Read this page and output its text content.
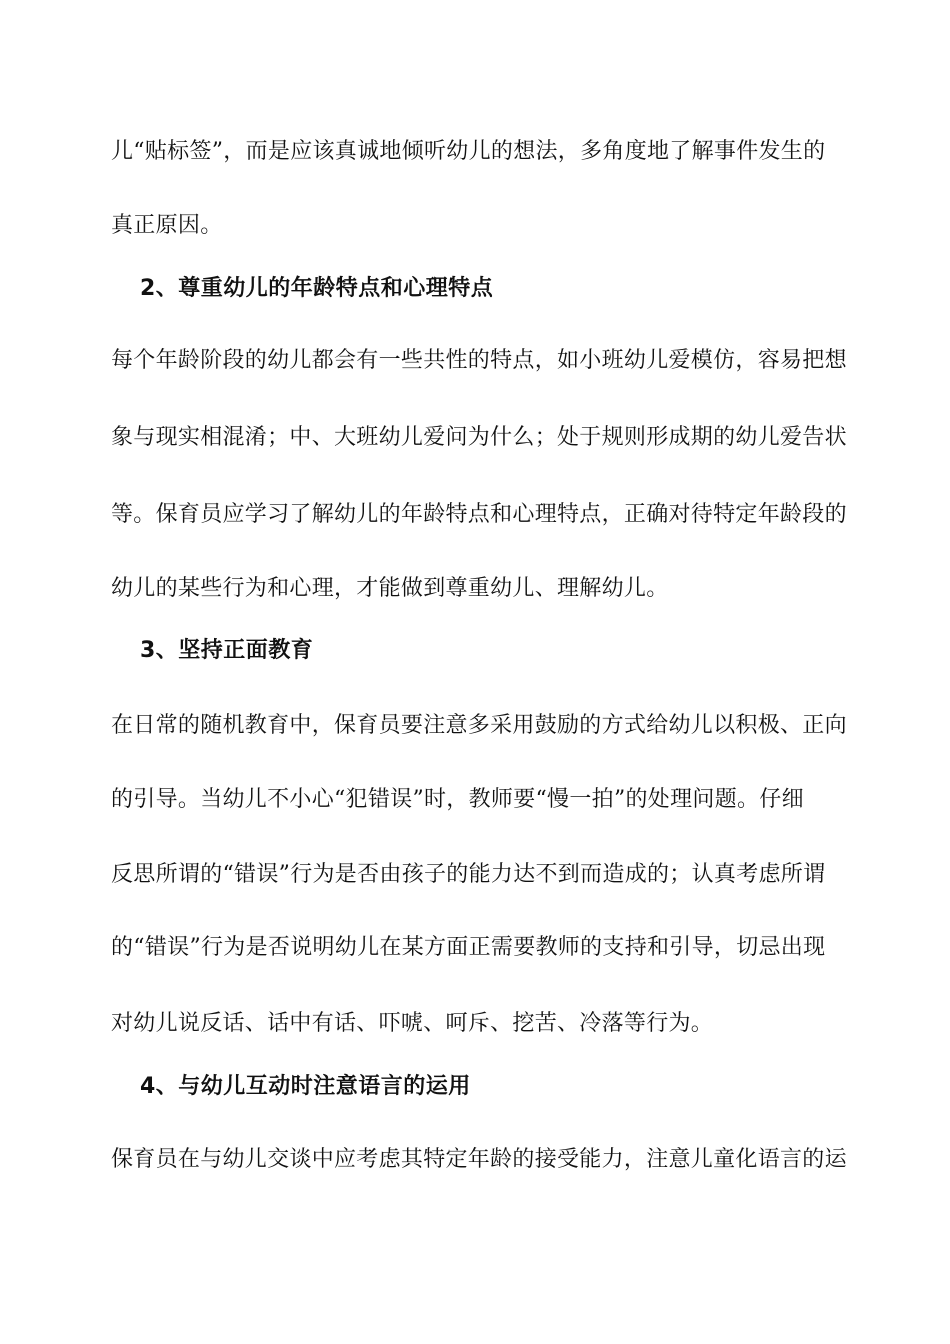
儿“贴标签”，而是应该真诚地倾听幼儿的想法，多角度地了解事件发生的
真正原因。
2、尊重幼儿的年龄特点和心理特点
每个年龄阶段的幼儿都会有一些共性的特点，如小班幼儿爱模仿，容易把想
象与现实相混淆；中、大班幼儿爱问为什么；处于规则形成期的幼儿爱告状
等。保育员应学习了解幼儿的年龄特点和心理特点，正确对待特定年龄段的
幼儿的某些行为和心理，才能做到尊重幼儿、理解幼儿。
3、坚持正面教育
在日常的随机教育中，保育员要注意多采用鼓励的方式给幼儿以积极、正向
的引导。当幼儿不小心“犯错误”时，教师要“慢一拍”的处理问题。仔细
反思所谓的“错误”行为是否由孩子的能力达不到而造成的；认真考虑所谓
的“错误”行为是否说明幼儿在某方面正需要教师的支持和引导，切忌出现
对幼儿说反话、话中有话、吓唬、呵斥、挖苦、冷落等行为。
4、与幼儿互动时注意语言的运用
保育员在与幼儿交谈中应考虑其特定年龄的接受能力，注意儿童化语言的运
